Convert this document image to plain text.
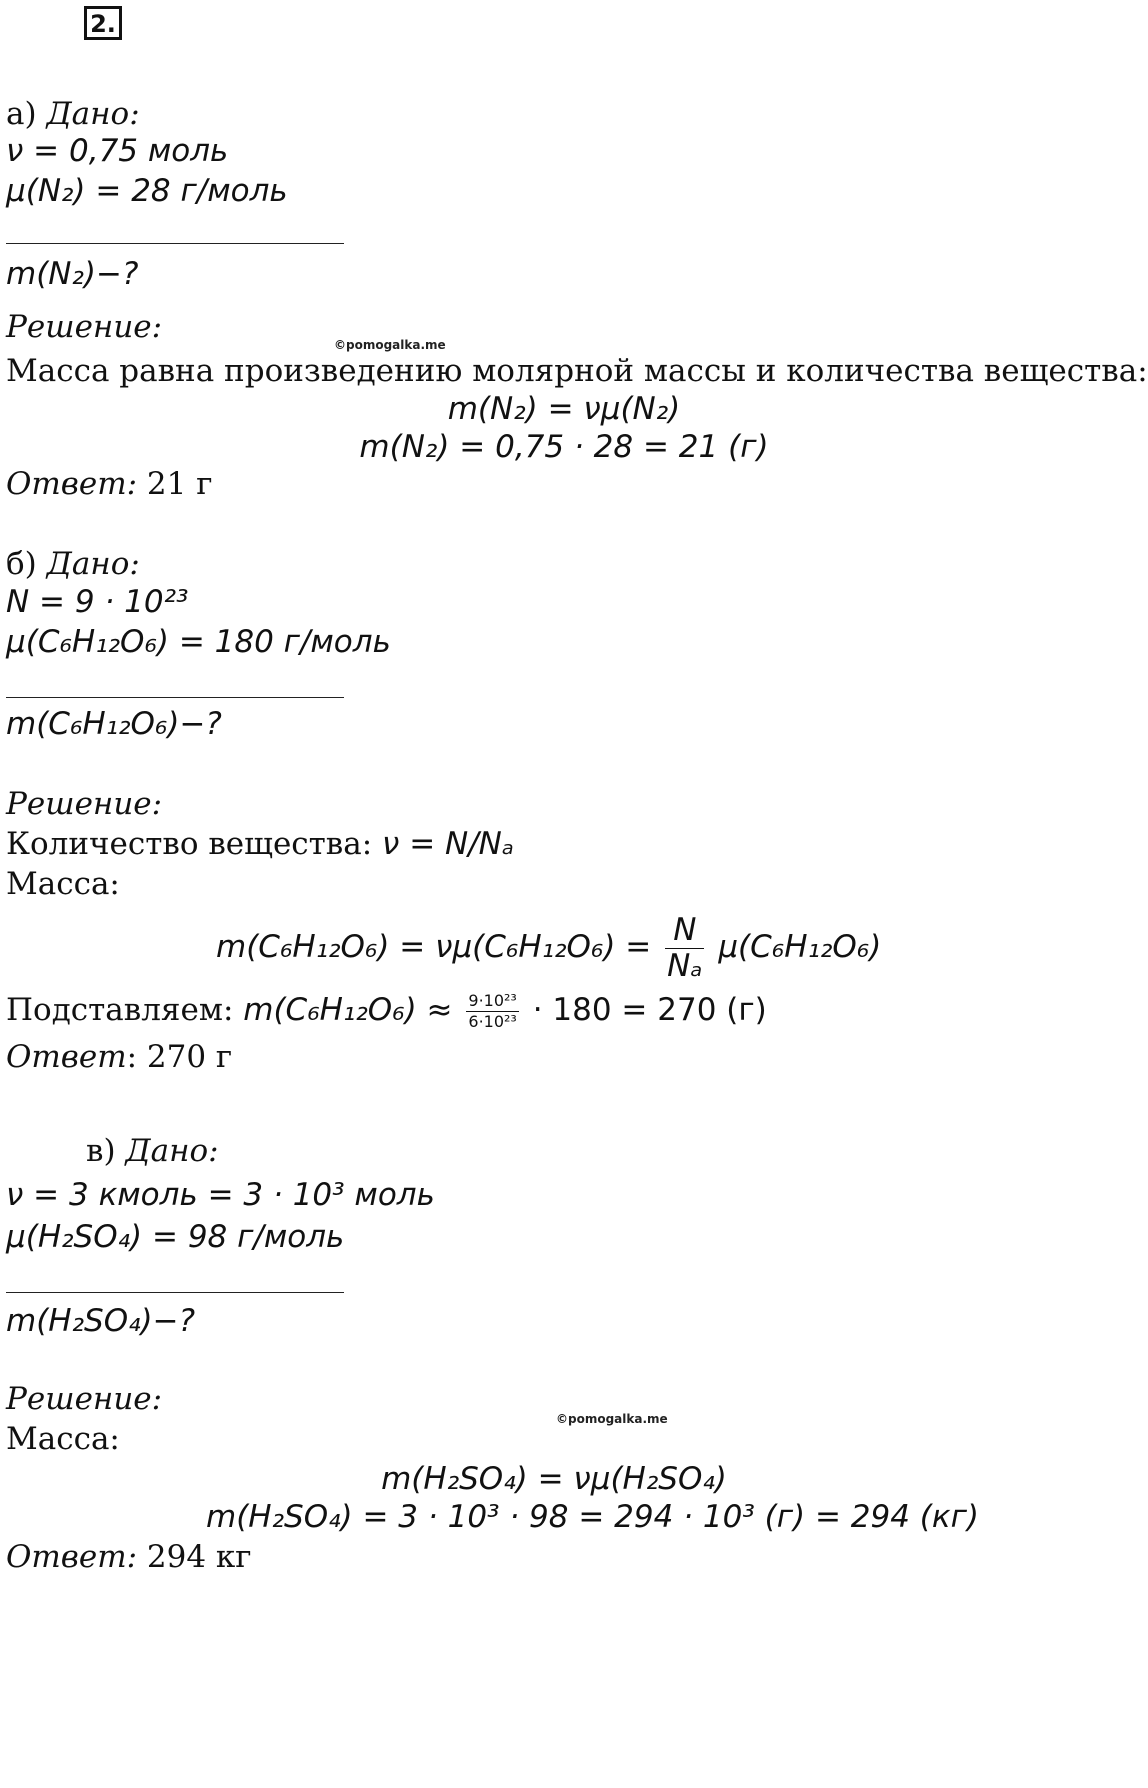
2.
а) Дано:
ν = 0,75 моль
μ(N₂) = 28 г/моль
m(N₂)−?
©pomogalka.me
Решение:
Масса равна произведению молярной массы и количества вещества:
m(N₂) = νμ(N₂)
m(N₂) = 0,75 · 28 = 21 (г)
Ответ: 21 г
б) Дано:
N = 9 · 10²³
μ(C₆H₁₂O₆) = 180 г/моль
m(C₆H₁₂O₆)−?
Решение:
Количество вещества: ν = N/Nₐ
Масса:
$m(C_6H_{12}O_6) = \nu\mu(C_6H_{12}O_6) = \frac{N}{\text{Nₐ}} \mu(C_6H_{12}O_6)$
Подставляем: $m(C_6H_{12}O_6) \approx \frac{\text{9·10²³}}{\text{6·10²³}} \cdot 180 = 270$ (г)
Ответ: 270 г
в) Дано:
ν = 3 кмоль = 3 · 10³ моль
μ(H₂SO₄) = 98 г/моль
m(H₂SO₄)−?
Решение:
©pomogalka.me
Масса:
m(H₂SO₄) = νμ(H₂SO₄)
m(H₂SO₄) = 3 · 10³ · 98 = 294 · 10³ (г) = 294 (кг)
Ответ: 294 кг
